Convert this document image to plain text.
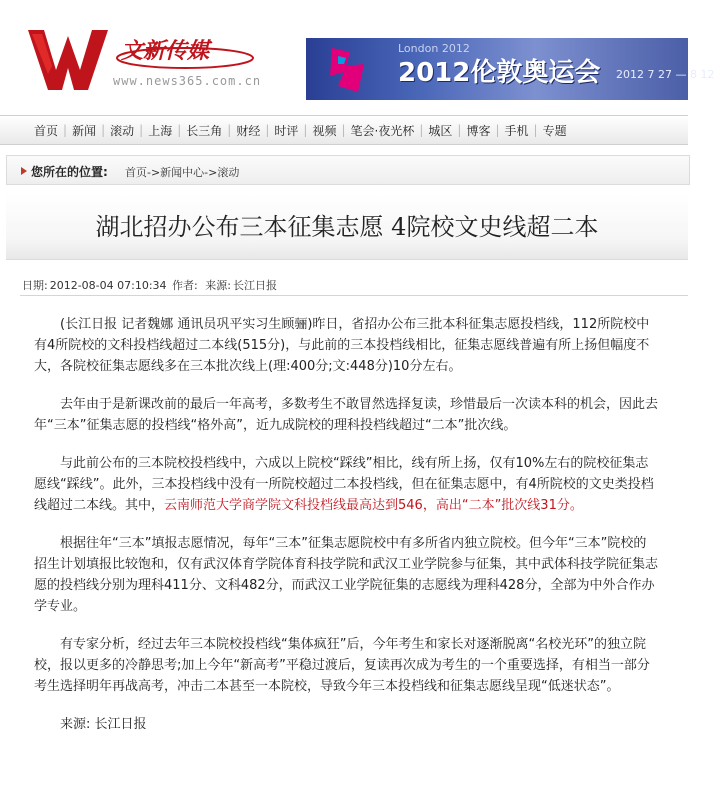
文新传媒
www.news365.com.cn
London 2012
2012伦敦奥运会 2012 7 27 — 8 12
首页 | 新闻 | 滚动 | 上海 | 长三角 | 财经 | 时评 | 视频 | 笔会·夜光杯 | 城区 | 博客 | 手机 | 专题
您所在的位置: 首页->新闻中心->滚动
湖北招办公布三本征集志愿 4院校文史线超二本
日期: 2012-08-04 07:10:34 作者: 来源: 长江日报

(长江日报 记者魏娜 通讯员巩平实习生顾骊)昨日，省招办公布三批本科征集志愿投档线，112所院校中有4所院校的文科投档线超过二本线(515分)，与此前的三本投档线相比，征集志愿线普遍有所上扬但幅度不大，各院校征集志愿线多在三本批次线上(理:400分;文:448分)10分左右。

去年由于是新课改前的最后一年高考，多数考生不敢冒然选择复读，珍惜最后一次读本科的机会，因此去年“三本”征集志愿的投档线“格外高”，近九成院校的理科投档线超过“二本”批次线。

与此前公布的三本院校投档线中，六成以上院校“踩线”相比，线有所上扬，仅有10%左右的院校征集志愿线“踩线”。此外，三本投档线中没有一所院校超过二本投档线，但在征集志愿中，有4所院校的文史类投档线超过二本线。其中，云南师范大学商学院文科投档线最高达到546，高出“二本”批次线31分。

根据往年“三本”填报志愿情况，每年“三本”征集志愿院校中有多所省内独立院校。但今年“三本”院校的招生计划填报比较饱和，仅有武汉体育学院体育科技学院和武汉工业学院参与征集，其中武体科技学院征集志愿的投档线分别为理科411分、文科482分，而武汉工业学院征集的志愿线为理科428分，全部为中外合作办学专业。

有专家分析，经过去年三本院校投档线“集体疯狂”后，今年考生和家长对逐渐脱离“名校光环”的独立院校，报以更多的冷静思考;加上今年“新高考”平稳过渡后，复读再次成为考生的一个重要选择，有相当一部分考生选择明年再战高考，冲击二本甚至一本院校，导致今年三本投档线和征集志愿线呈现“低迷状态”。

来源: 长江日报
